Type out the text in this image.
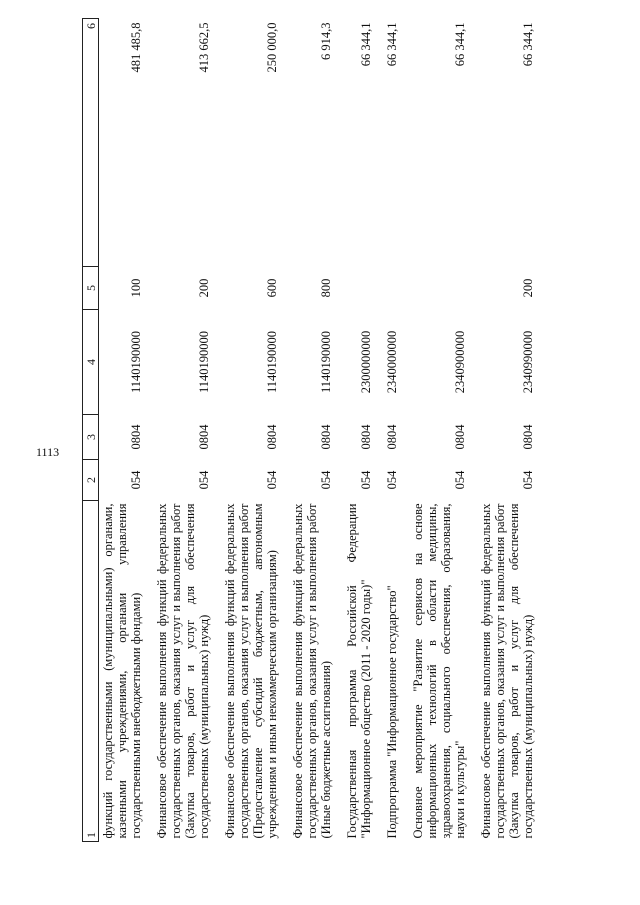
1113
1	2	3	4	5	6
функций государственными (муниципальными) органами, казенными учреждениями, органами управления государственными внебюджетными фондами)	054	0804	1140190000	100	481 485,8
Финансовое обеспечение выполнения функций федеральных государственных органов, оказания услуг и выполнения работ (Закупка товаров, работ и услуг для обеспечения государственных (муниципальных) нужд)	054	0804	1140190000	200	413 662,5
Финансовое обеспечение выполнения функций федеральных государственных органов, оказания услуг и выполнения работ (Предоставление субсидий бюджетным, автономным учреждениям и иным некоммерческим организациям)	054	0804	1140190000	600	250 000,0
Финансовое обеспечение выполнения функций федеральных государственных органов, оказания услуг и выполнения работ (Иные бюджетные ассигнования)	054	0804	1140190000	800	6 914,3
Государственная программа Российской Федерации "Информационное общество (2011 - 2020 годы)"	054	0804	2300000000		66 344,1
Подпрограмма "Информационное государство"	054	0804	2340000000		66 344,1
Основное мероприятие "Развитие сервисов на основе информационных технологий в области медицины, здравоохранения, социального обеспечения, образования, науки и культуры"	054	0804	2340900000		66 344,1
Финансовое обеспечение выполнения функций федеральных государственных органов, оказания услуг и выполнения работ (Закупка товаров, работ и услуг для обеспечения государственных (муниципальных) нужд)	054	0804	2340990000	200	66 344,1
